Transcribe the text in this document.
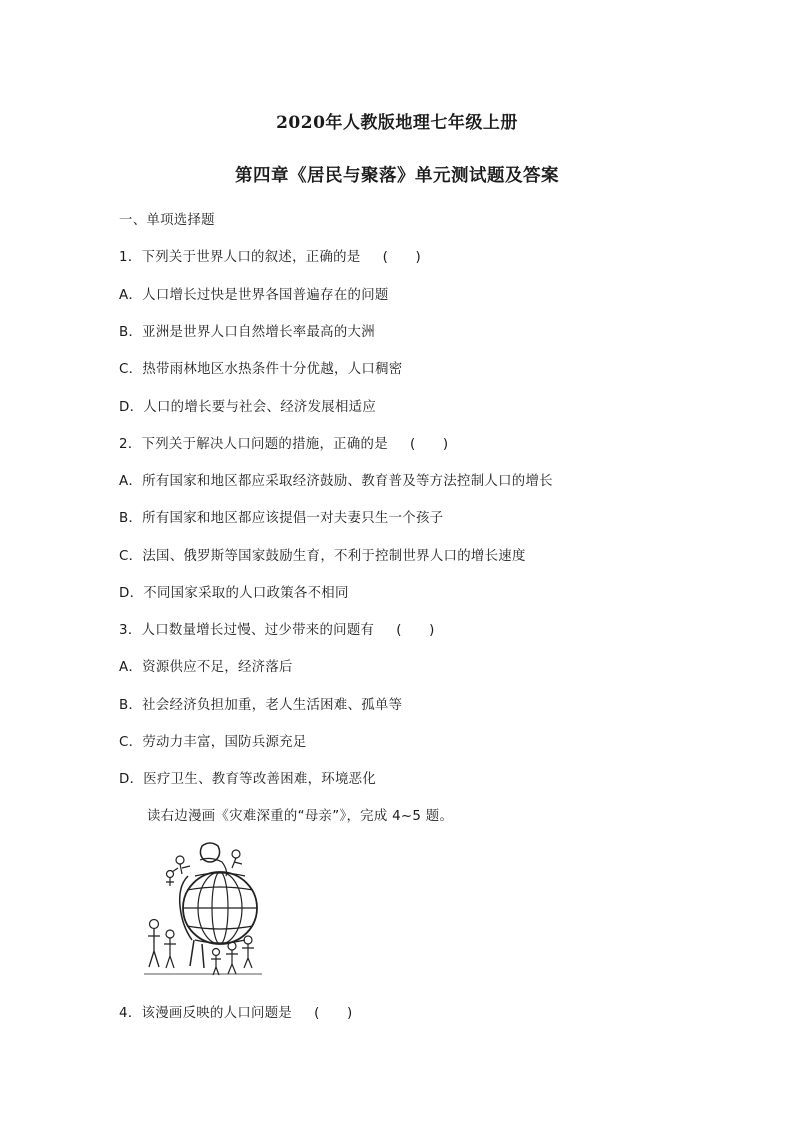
2020年人教版地理七年级上册
第四章《居民与聚落》单元测试题及答案
一、单项选择题
1．下列关于世界人口的叙述，正确的是 (　　)
A．人口增长过快是世界各国普遍存在的问题
B．亚洲是世界人口自然增长率最高的大洲
C．热带雨林地区水热条件十分优越，人口稠密
D．人口的增长要与社会、经济发展相适应
2．下列关于解决人口问题的措施，正确的是 (　　)
A．所有国家和地区都应采取经济鼓励、教育普及等方法控制人口的增长
B．所有国家和地区都应该提倡一对夫妻只生一个孩子
C．法国、俄罗斯等国家鼓励生育，不利于控制世界人口的增长速度
D．不同国家采取的人口政策各不相同
3．人口数量增长过慢、过少带来的问题有 (　　)
A．资源供应不足，经济落后
B．社会经济负担加重，老人生活困难、孤单等
C．劳动力丰富，国防兵源充足
D．医疗卫生、教育等改善困难，环境恶化
读右边漫画《灾难深重的“母亲”》，完成 4~5 题。
4．该漫画反映的人口问题是 (　　)
